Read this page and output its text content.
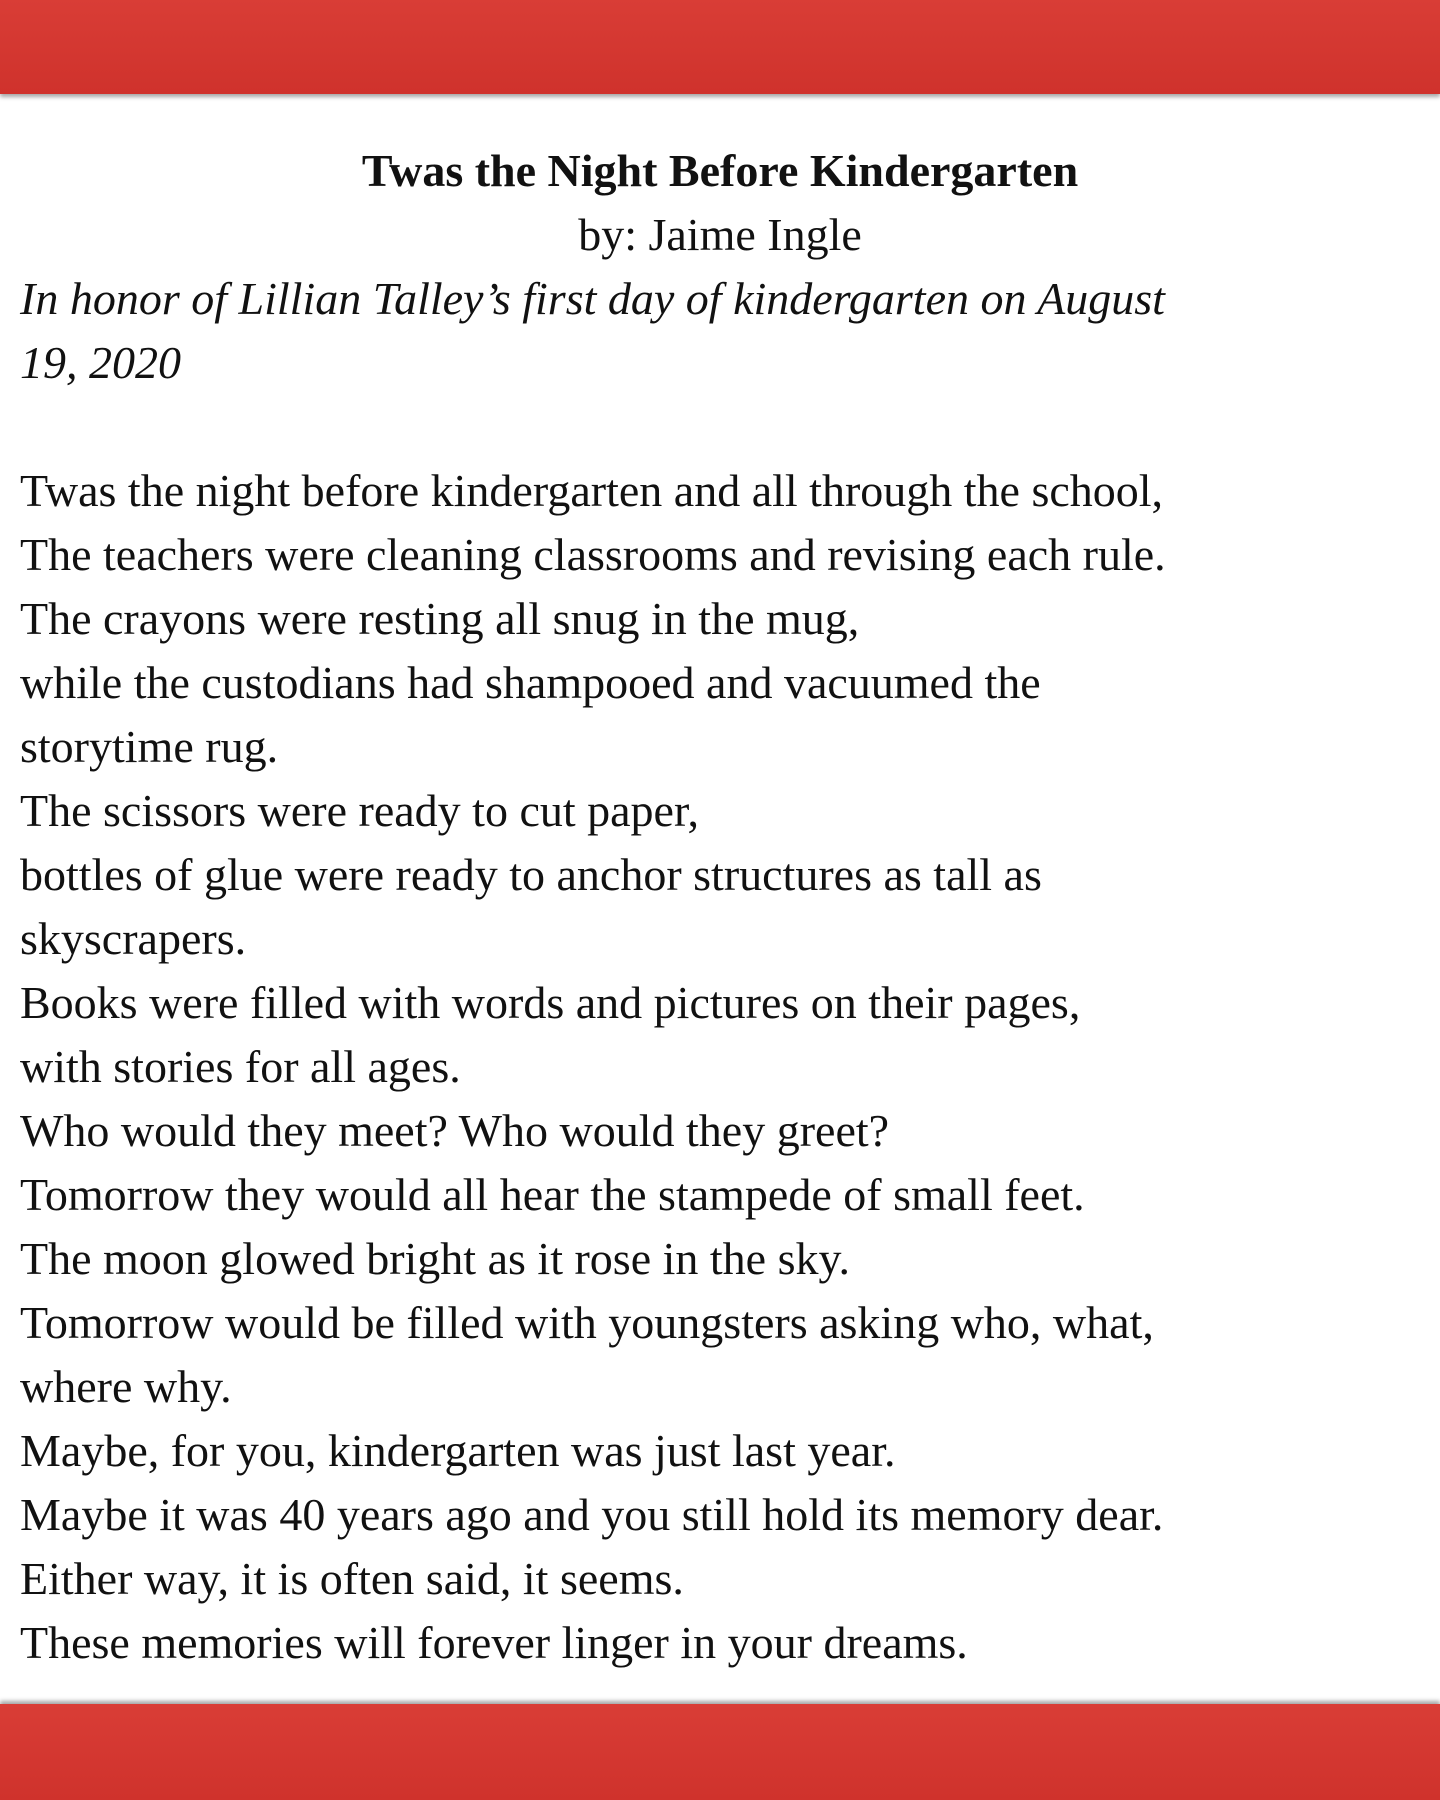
Twas the Night Before Kindergarten

by: Jaime Ingle

In honor of Lillian Talley’s first day of kindergarten on August

19, 2020

Twas the night before kindergarten and all through the school,

The teachers were cleaning classrooms and revising each rule.

The crayons were resting all snug in the mug,

while the custodians had shampooed and vacuumed the

storytime rug.

The scissors were ready to cut paper,

bottles of glue were ready to anchor structures as tall as

skyscrapers.

Books were filled with words and pictures on their pages,

with stories for all ages.

Who would they meet? Who would they greet?

Tomorrow they would all hear the stampede of small feet.

The moon glowed bright as it rose in the sky.

Tomorrow would be filled with youngsters asking who, what,

where why.

Maybe, for you, kindergarten was just last year.

Maybe it was 40 years ago and you still hold its memory dear.

Either way, it is often said, it seems.

These memories will forever linger in your dreams.
